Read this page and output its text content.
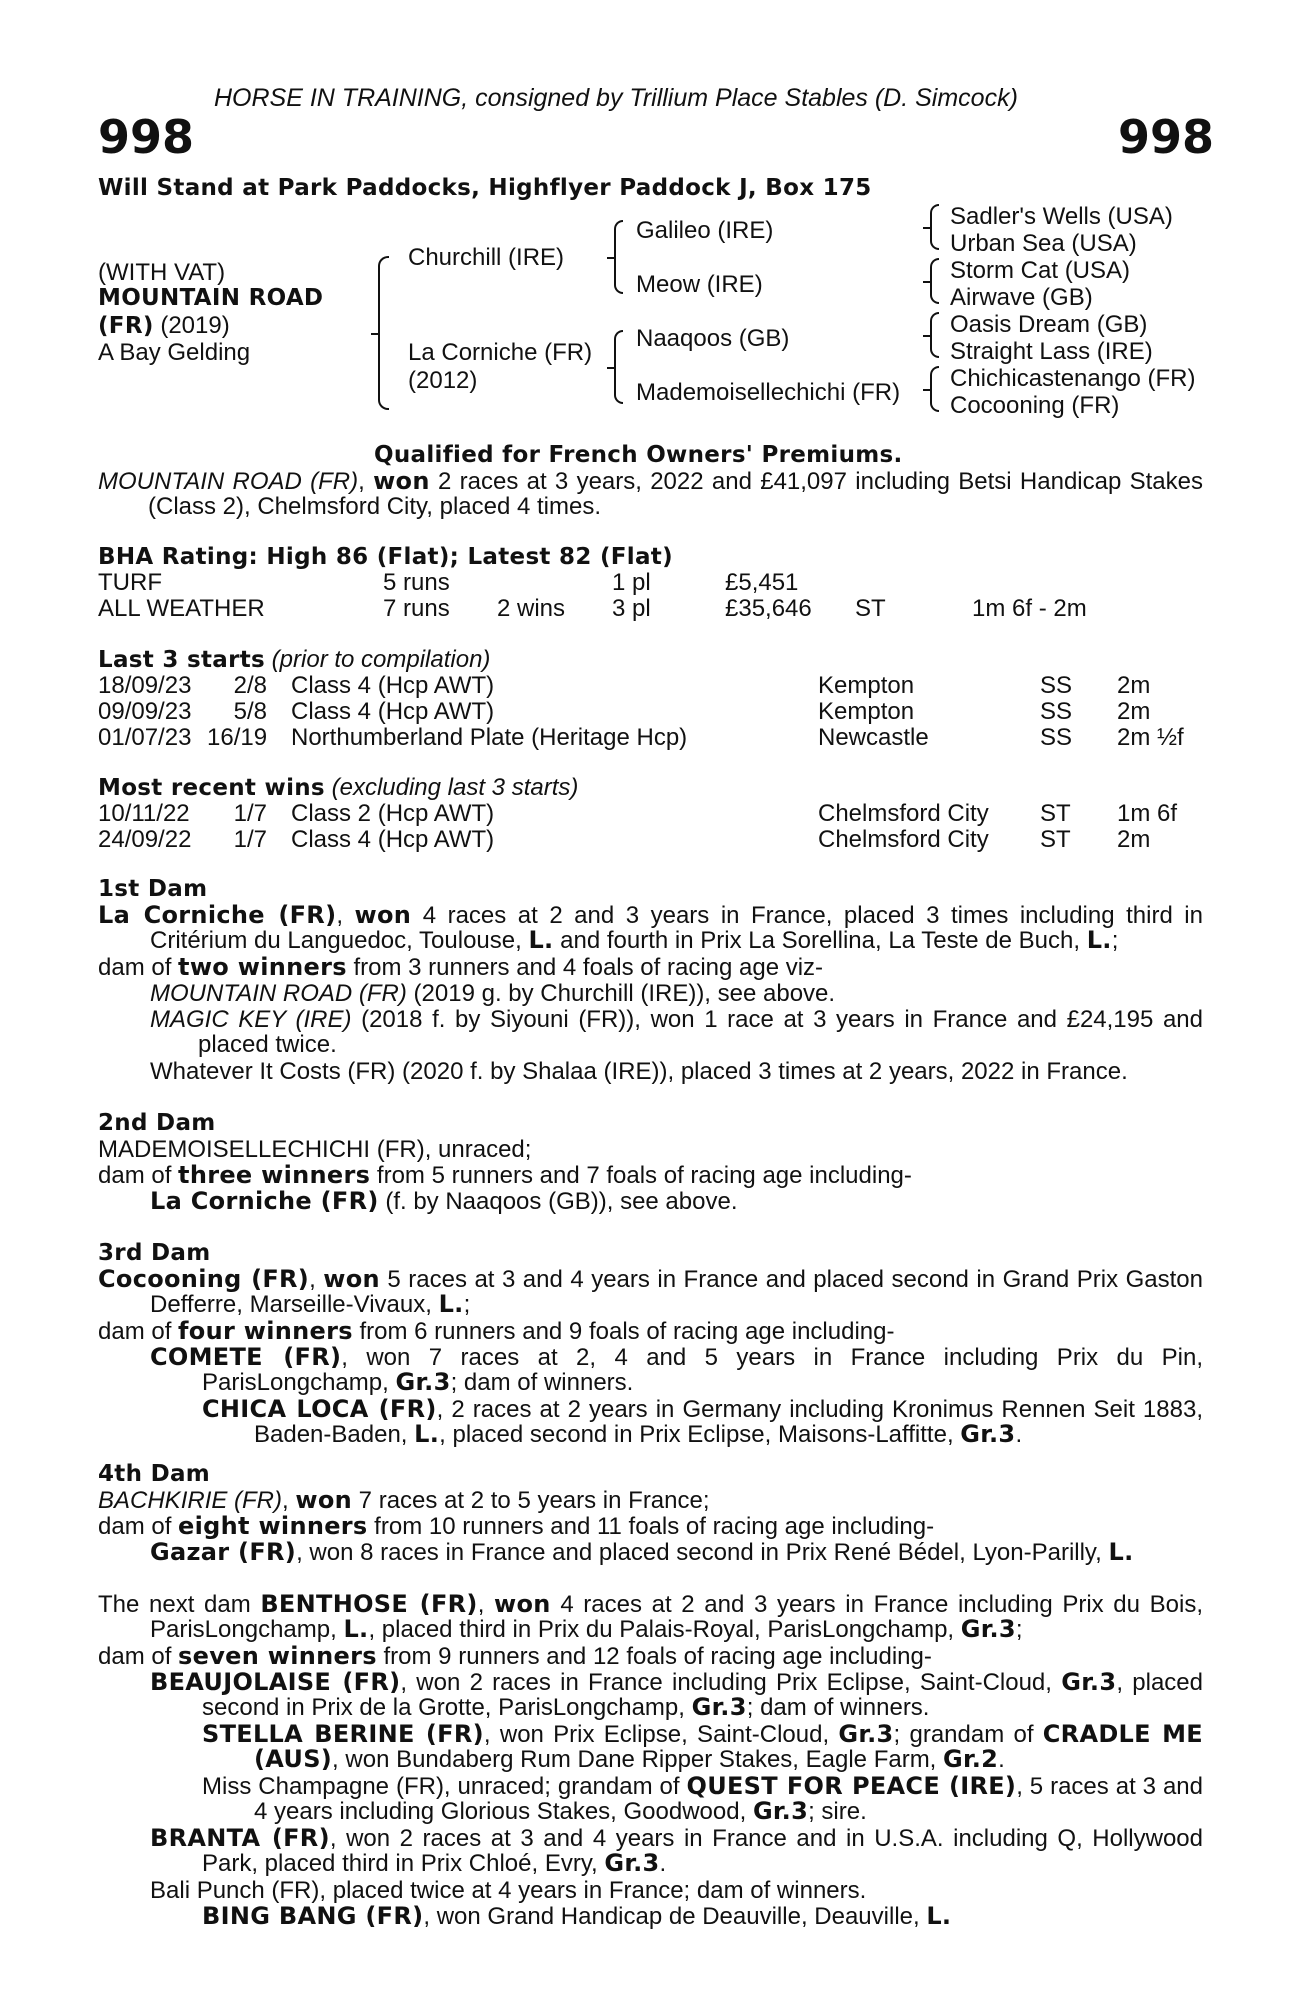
HORSE IN TRAINING, consigned by Trillium Place Stables (D. Simcock)
998	998
Will Stand at Park Paddocks, Highflyer Paddock J, Box 175
(WITH VAT)
MOUNTAIN ROAD
(FR) (2019)
A Bay Gelding
Churchill (IRE)
La Corniche (FR)
(2012)
Galileo (IRE)
Meow (IRE)
Naaqoos (GB)
Mademoisellechichi (FR)
Sadler's Wells (USA)
Urban Sea (USA)
Storm Cat (USA)
Airwave (GB)
Oasis Dream (GB)
Straight Lass (IRE)
Chichicastenango (FR)
Cocooning (FR)
Qualified for French Owners' Premiums.
MOUNTAIN ROAD (FR), won 2 races at 3 years, 2022 and £41,097 including Betsi Handicap Stakes (Class 2), Chelmsford City, placed 4 times.
BHA Rating: High 86 (Flat); Latest 82 (Flat)
TURF	5 runs	1 pl	£5,451
ALL WEATHER	7 runs 2 wins 3 pl	£35,646 ST	1m 6f - 2m
Last 3 starts (prior to compilation)
18/09/23	2/8 Class 4 (Hcp AWT)	Kempton	SS 2m
09/09/23	5/8 Class 4 (Hcp AWT)	Kempton	SS 2m
01/07/23 16/19 Northumberland Plate (Heritage Hcp)	Newcastle	SS 2m ½f
Most recent wins (excluding last 3 starts)
10/11/22	1/7 Class 2 (Hcp AWT)	Chelmsford City ST 1m 6f
24/09/22	1/7 Class 4 (Hcp AWT)	Chelmsford City ST 2m
1st Dam
La Corniche (FR), won 4 races at 2 and 3 years in France, placed 3 times including third in Critérium du Languedoc, Toulouse, L. and fourth in Prix La Sorellina, La Teste de Buch, L.;
dam of two winners from 3 runners and 4 foals of racing age viz-
MOUNTAIN ROAD (FR) (2019 g. by Churchill (IRE)), see above.
MAGIC KEY (IRE) (2018 f. by Siyouni (FR)), won 1 race at 3 years in France and £24,195 and placed twice.
Whatever It Costs (FR) (2020 f. by Shalaa (IRE)), placed 3 times at 2 years, 2022 in France.
2nd Dam
MADEMOISELLECHICHI (FR), unraced;
dam of three winners from 5 runners and 7 foals of racing age including-
La Corniche (FR) (f. by Naaqoos (GB)), see above.
3rd Dam
Cocooning (FR), won 5 races at 3 and 4 years in France and placed second in Grand Prix Gaston Defferre, Marseille-Vivaux, L.;
dam of four winners from 6 runners and 9 foals of racing age including-
COMETE (FR), won 7 races at 2, 4 and 5 years in France including Prix du Pin, ParisLongchamp, Gr.3; dam of winners.
CHICA LOCA (FR), 2 races at 2 years in Germany including Kronimus Rennen Seit 1883, Baden-Baden, L., placed second in Prix Eclipse, Maisons-Laffitte, Gr.3.
4th Dam
BACHKIRIE (FR), won 7 races at 2 to 5 years in France;
dam of eight winners from 10 runners and 11 foals of racing age including-
Gazar (FR), won 8 races in France and placed second in Prix René Bédel, Lyon-Parilly, L.
The next dam BENTHOSE (FR), won 4 races at 2 and 3 years in France including Prix du Bois, ParisLongchamp, L., placed third in Prix du Palais-Royal, ParisLongchamp, Gr.3;
dam of seven winners from 9 runners and 12 foals of racing age including-
BEAUJOLAISE (FR), won 2 races in France including Prix Eclipse, Saint-Cloud, Gr.3, placed second in Prix de la Grotte, ParisLongchamp, Gr.3; dam of winners.
STELLA BERINE (FR), won Prix Eclipse, Saint-Cloud, Gr.3; grandam of CRADLE ME (AUS), won Bundaberg Rum Dane Ripper Stakes, Eagle Farm, Gr.2.
Miss Champagne (FR), unraced; grandam of QUEST FOR PEACE (IRE), 5 races at 3 and 4 years including Glorious Stakes, Goodwood, Gr.3; sire.
BRANTA (FR), won 2 races at 3 and 4 years in France and in U.S.A. including Q, Hollywood Park, placed third in Prix Chloé, Evry, Gr.3.
Bali Punch (FR), placed twice at 4 years in France; dam of winners.
BING BANG (FR), won Grand Handicap de Deauville, Deauville, L.
